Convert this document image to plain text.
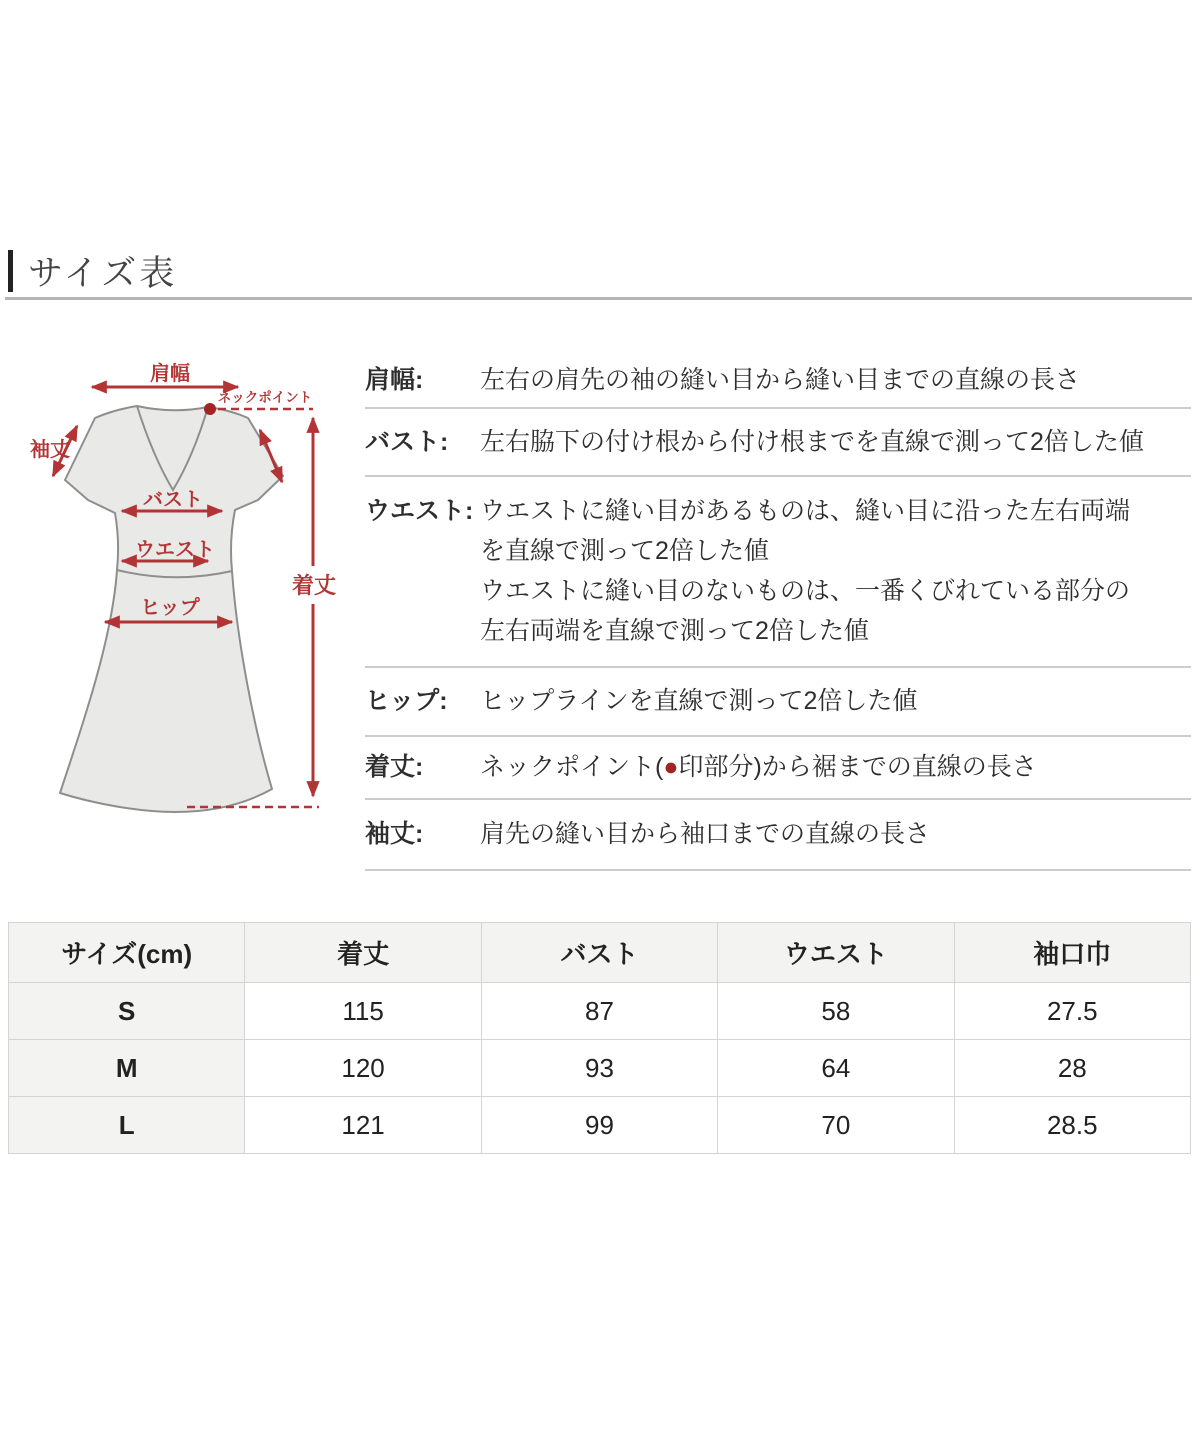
サイズ表
肩幅
ネックポイント
袖丈
バスト
ウエスト
ヒップ
着丈
肩幅:	左右の肩先の袖の縫い目から縫い目までの直線の長さ
バスト:	左右脇下の付け根から付け根までを直線で測って2倍した値
ウエスト: ウエストに縫い目があるものは、縫い目に沿った左右両端
を直線で測って2倍した値
ウエストに縫い目のないものは、一番くびれている部分の
左右両端を直線で測って2倍した値
ヒップ:	ヒップラインを直線で測って2倍した値
着丈:	ネックポイント(●印部分)から裾までの直線の長さ
袖丈:	肩先の縫い目から袖口までの直線の長さ
サイズ(cm)	着丈	バスト	ウエスト	袖口巾
S	115	87	58	27.5
M	120	93	64	28
L	121	99	70	28.5
